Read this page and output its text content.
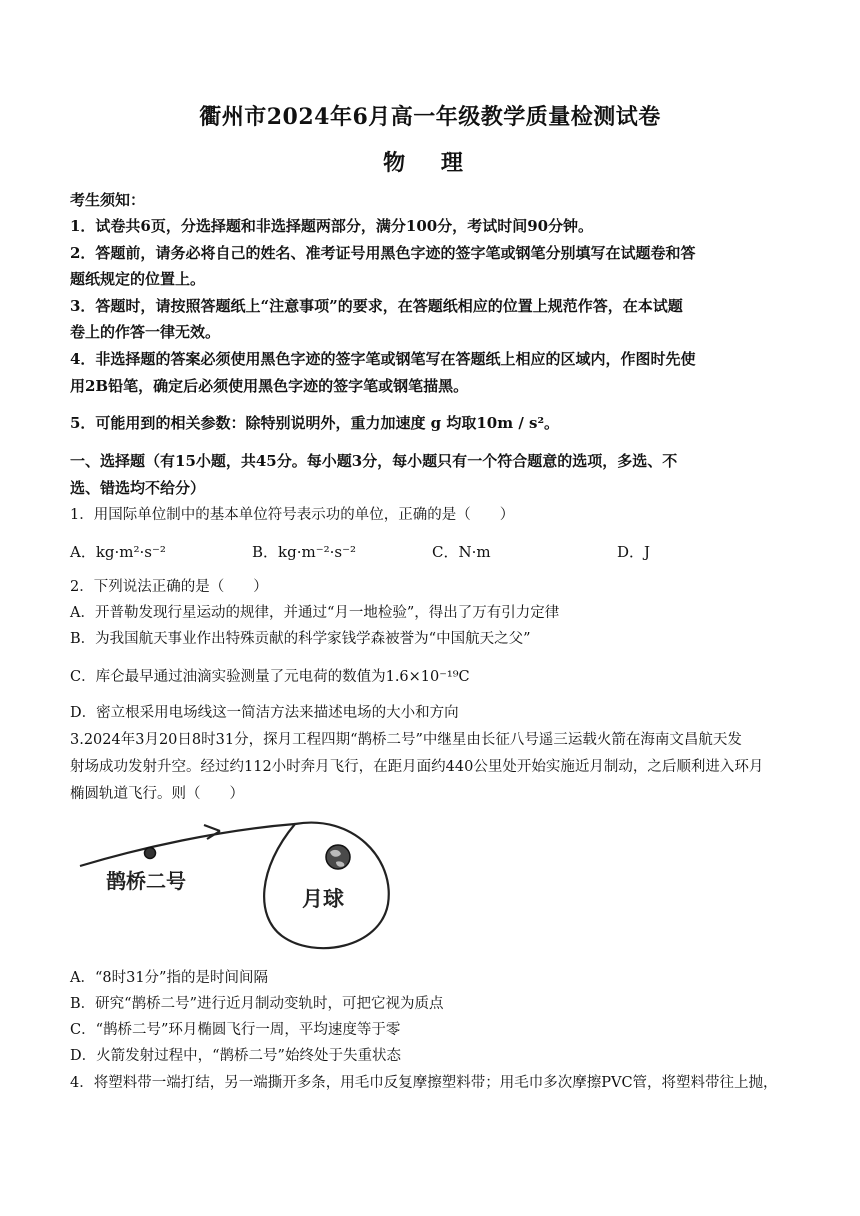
衢州市2024年6月高一年级教学质量检测试卷
物 理
考生须知：
1．试卷共6页，分选择题和非选择题两部分，满分100分，考试时间90分钟。
2．答题前，请务必将自己的姓名、准考证号用黑色字迹的签字笔或钢笔分别填写在试题卷和答
题纸规定的位置上。
3．答题时，请按照答题纸上“注意事项”的要求，在答题纸相应的位置上规范作答，在本试题
卷上的作答一律无效。
4．非选择题的答案必须使用黑色字迹的签字笔或钢笔写在答题纸上相应的区域内，作图时先使
用2B铅笔，确定后必须使用黑色字迹的签字笔或钢笔描黑。
5．可能用到的相关参数：除特别说明外，重力加速度 g 均取10m / s²。
一、选择题（有15小题，共45分。每小题3分，每小题只有一个符合题意的选项，多选、不
选、错选均不给分）
1．用国际单位制中的基本单位符号表示功的单位，正确的是（　　）
A．kg·m²·s⁻²	B．kg·m⁻²·s⁻²	C．N·m	D．J
2．下列说法正确的是（　　）
A．开普勒发现行星运动的规律，并通过“月一地检验”，得出了万有引力定律
B．为我国航天事业作出特殊贡献的科学家钱学森被誉为“中国航天之父”
C．库仑最早通过油滴实验测量了元电荷的数值为1.6×10⁻¹⁹C
D．密立根采用电场线这一简洁方法来描述电场的大小和方向
3.2024年3月20日8时31分，探月工程四期“鹊桥二号”中继星由长征八号遥三运载火箭在海南文昌航天发
射场成功发射升空。经过约112小时奔月飞行，在距月面约440公里处开始实施近月制动，之后顺利进入环月
椭圆轨道飞行。则（　　）
鹊桥二号
月球
A．“8时31分”指的是时间间隔
B．研究“鹊桥二号”进行近月制动变轨时，可把它视为质点
C．“鹊桥二号”环月椭圆飞行一周，平均速度等于零
D．火箭发射过程中，“鹊桥二号”始终处于失重状态
4．将塑料带一端打结，另一端撕开多条，用毛巾反复摩擦塑料带；用毛巾多次摩擦PVC管，将塑料带往上抛，
